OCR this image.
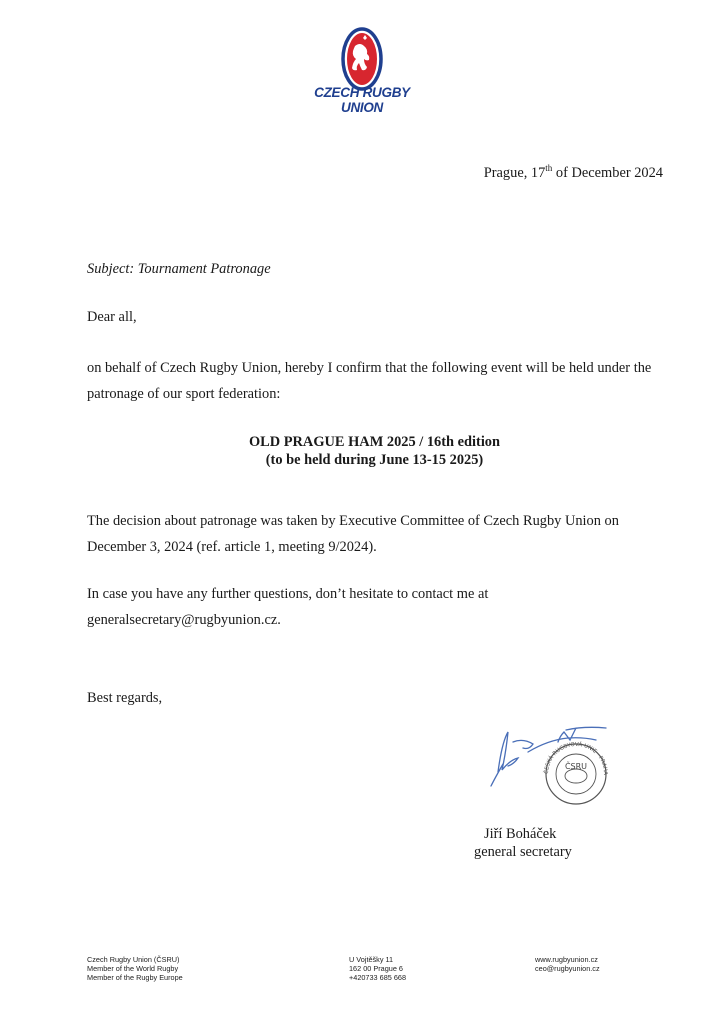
CZECH RUGBY
UNION
Prague, 17th of December 2024
Subject: Tournament Patronage
Dear all,
on behalf of Czech Rugby Union, hereby I confirm that the following event will be held under the patronage of our sport federation:
OLD PRAGUE HAM 2025 / 16th edition
(to be held during June 13-15 2025)
The decision about patronage was taken by Executive Committee of Czech Rugby Union on December 3, 2024 (ref. article 1, meeting 9/2024).
In case you have any further questions, don’t hesitate to contact me at generalsecretary@rugbyunion.cz.
Best regards,
ČESKÁ RUGBYOVÁ UNIE · PRAHA
ČSRU
Jiří Boháček
general secretary
Czech Rugby Union (ČSRU)
Member of the World Rugby
Member of the Rugby Europe
U Vojtěšky 11
162 00 Prague 6
+420733 685 668
www.rugbyunion.cz
ceo@rugbyunion.cz
